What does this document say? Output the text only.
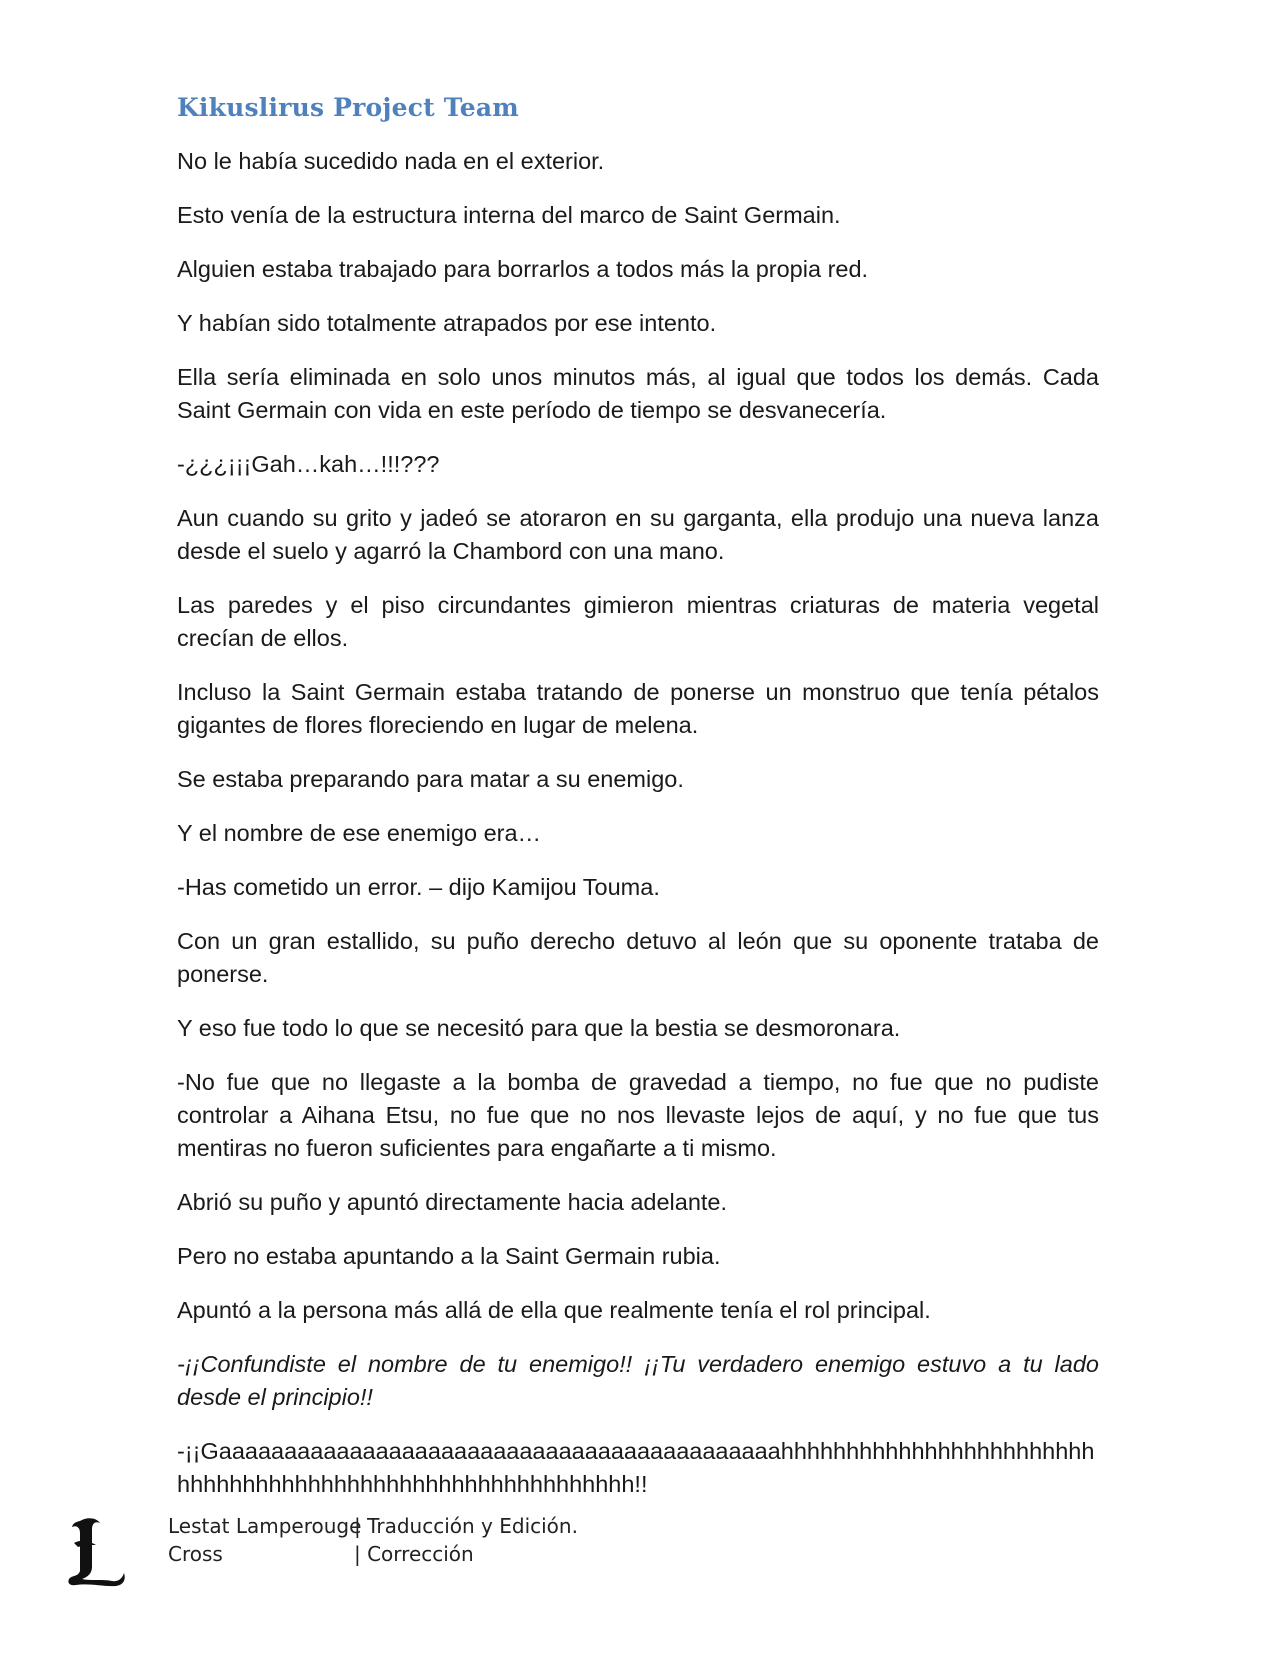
Kikuslirus Project Team

No le había sucedido nada en el exterior.

Esto venía de la estructura interna del marco de Saint Germain.

Alguien estaba trabajado para borrarlos a todos más la propia red.

Y habían sido totalmente atrapados por ese intento.

Ella sería eliminada en solo unos minutos más, al igual que todos los demás. Cada Saint Germain con vida en este período de tiempo se desvanecería.

-¿¿¿¡¡¡Gah…kah…!!!???

Aun cuando su grito y jadeó se atoraron en su garganta, ella produjo una nueva lanza desde el suelo y agarró la Chambord con una mano.

Las paredes y el piso circundantes gimieron mientras criaturas de materia vegetal crecían de ellos.

Incluso la Saint Germain estaba tratando de ponerse un monstruo que tenía pétalos gigantes de flores floreciendo en lugar de melena.

Se estaba preparando para matar a su enemigo.

Y el nombre de ese enemigo era…

-Has cometido un error. – dijo Kamijou Touma.

Con un gran estallido, su puño derecho detuvo al león que su oponente trataba de ponerse.

Y eso fue todo lo que se necesitó para que la bestia se desmoronara.

-No fue que no llegaste a la bomba de gravedad a tiempo, no fue que no pudiste controlar a Aihana Etsu, no fue que no nos llevaste lejos de aquí, y no fue que tus mentiras no fueron suficientes para engañarte a ti mismo.

Abrió su puño y apuntó directamente hacia adelante.

Pero no estaba apuntando a la Saint Germain rubia.

Apuntó a la persona más allá de ella que realmente tenía el rol principal.

-¡¡Confundiste el nombre de tu enemigo!! ¡¡Tu verdadero enemigo estuvo a tu lado desde el principio!!

-¡¡Gaaaaaaaaaaaaaaaaaaaaaaaaaaaaaaaaaaaaaaaaaaahhhhhhhhhhhhhhhhhhhhhhhhhhhhhhhhhhhhhhhhhhhhhhhhhhhhhhhhhhh!!

Lestat Lamperouge
| Traducción y Edición.
Cross	| Corrección
